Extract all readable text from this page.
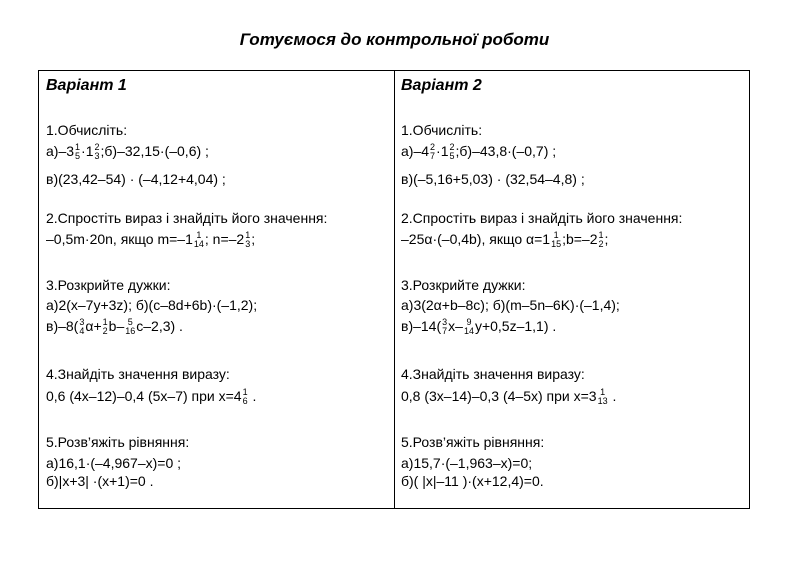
Готуємося до контрольної роботи
Варіант 1
1.Обчисліть:
а)–3 1
5 ·1 2
3 ;б)–32,15·(–0,6) ;
в)(23,42–54) · (–4,12+4,04) ;
2.Спростіть вираз і знайдіть його значення:
–0,5m·20n, якщо m=–1 1
14 ; n=–2 1
3 ;
3.Розкрийте дужки:
а)2(x–7y+3z); б)(c–8d+6b)·(–1,2);
в)–8( 3
4 α+ 1
2 b– 5
16 c–2,3) .
4.Знайдіть значення виразу:
0,6 (4x–12)–0,4 (5x–7) при x=4 1
6 .
5.Розв’яжіть рівняння:
а)16,1·(–4,967–x)=0 ;
б)|x+3| ·(x+1)=0 .
Варіант 2
1.Обчисліть:
а)–4 2
7 ·1 2
5 ;б)–43,8·(–0,7) ;
в)(–5,16+5,03) · (32,54–4,8) ;
2.Спростіть вираз і знайдіть його значення:
–25α·(–0,4b), якщо α=1 1
15 ;b=–2 1
2 ;
3.Розкрийте дужки:
а)3(2α+b–8c); б)(m–5n–6K)·(–1,4);
в)–14( 3
7 x– 9
14 y+0,5z–1,1) .
4.Знайдіть значення виразу:
0,8 (3x–14)–0,3 (4–5x) при x=3 1
13 .
5.Розв’яжіть рівняння:
а)15,7·(–1,963–x)=0;
б)( |x|–11 )·(x+12,4)=0.
